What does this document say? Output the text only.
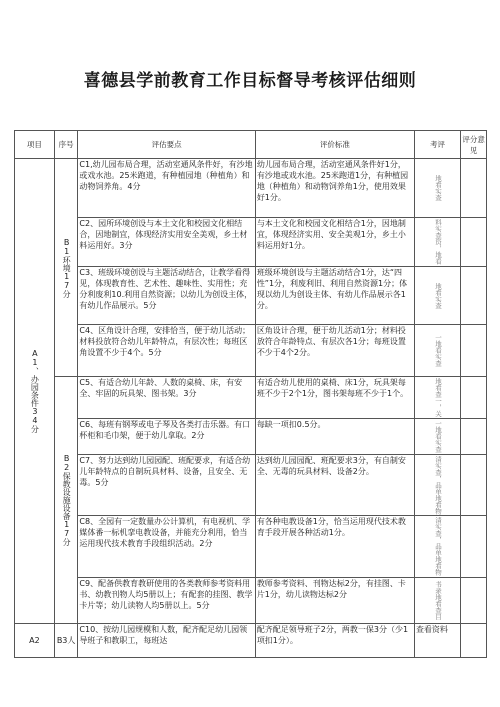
喜德县学前教育工作目标督导考核评估细则
项目	序号	评估要点	评价标准	考评	评分意见
A1、办园条件34分	B1环境17分	C1,幼儿园布局合理，活动室通风条件好，有沙地或戏水池。25米跑道，有种植园地（种植角）和动物饲养角。4分	幼儿园布局合理，活动室通风条件好1分，有沙地或戏水池。25米跑道1分，有种植园地（种植角）和动物饲养角1分，使用效果好1分。	地看实查	
		C2、园所环境创设与本土文化和校园文化相结合，因地制宜，体现经济实用安全美观，乡土材料运用好。3分	与本土文化和校园文化相结合1分，因地制宜，体现经济实用、安全美观1分，乡土小料运用好1分。	料实查资，地看	
		C3、班级环境创设与主题活动结合，让教学看得见，体现教育性、艺术性、趣味性、实用性；充分利废利10.利用自然资源；以幼儿为创设主体，有幼儿作品展示。5分	班级环境创设与主题活动结合1分，达“四性”1分，利废利旧、利用自然资源1分；体现以幼儿为创设主体、有幼儿作品展示各1分。	地看实查	
		C4、区角设计合理，安排恰当，便于幼儿活动；材料投放符合幼儿年龄特点，有层次性；每班区角设置不少于4个。5分	区角设计合理，便于幼儿活动1分；材料投放符合年龄特点、有层次各1分；每班设置不少于4个2分。	一地看实查	
	B2保教设施设备17分	C5、有适合幼儿年龄、人数的桌椅、床，有安全、牢固的玩具架、图书架。3分	有适合幼儿使用的桌椅、床1分，玩具架每班不少于2个1分，图书架每班不少于1个。	地看查一，关	
		C6、每班有钢琴或电子琴及各类打击乐器。有口杯柜和毛巾架，便于幼儿拿取。2分	每缺一项扣0.5分。	一地看实查	
		C7、努力达到幼儿园园配、班配要求，有适合幼儿年龄特点的自制玩具材料、设备，且安全、无毒。5分	达到幼儿园园配、班配要求3分，有自制安全、无毒的玩具材料、设备2分。	清实查，品单地看物	
		C8、全园有一定数量办公计算机，有电视机、学媒体番一标机挛电教设备，并能充分利用，恰当运用现代技术教育手段组织活动。2分	有各种电教设备1分，恰当运用现代技术教育手段开展各种活动1分。	清实查，品单地看物	
		C9、配备供教育教研使用的各类教师参考资料用书、幼教刊物人均5册以上；有配套的挂图、教学卡片等；幼儿读物人均5册以上。5分	教师参考资料、刊物达标2分，有挂图、卡片1分，幼儿读物达标2分	书录地看查目	
A2	B3人	C10、按幼儿园规模和人数，配齐配足幼儿园领导班子和教职工，每班达	配齐配足领导班子2分，两教一保3分（少1项扣1分）。	查看资料	
